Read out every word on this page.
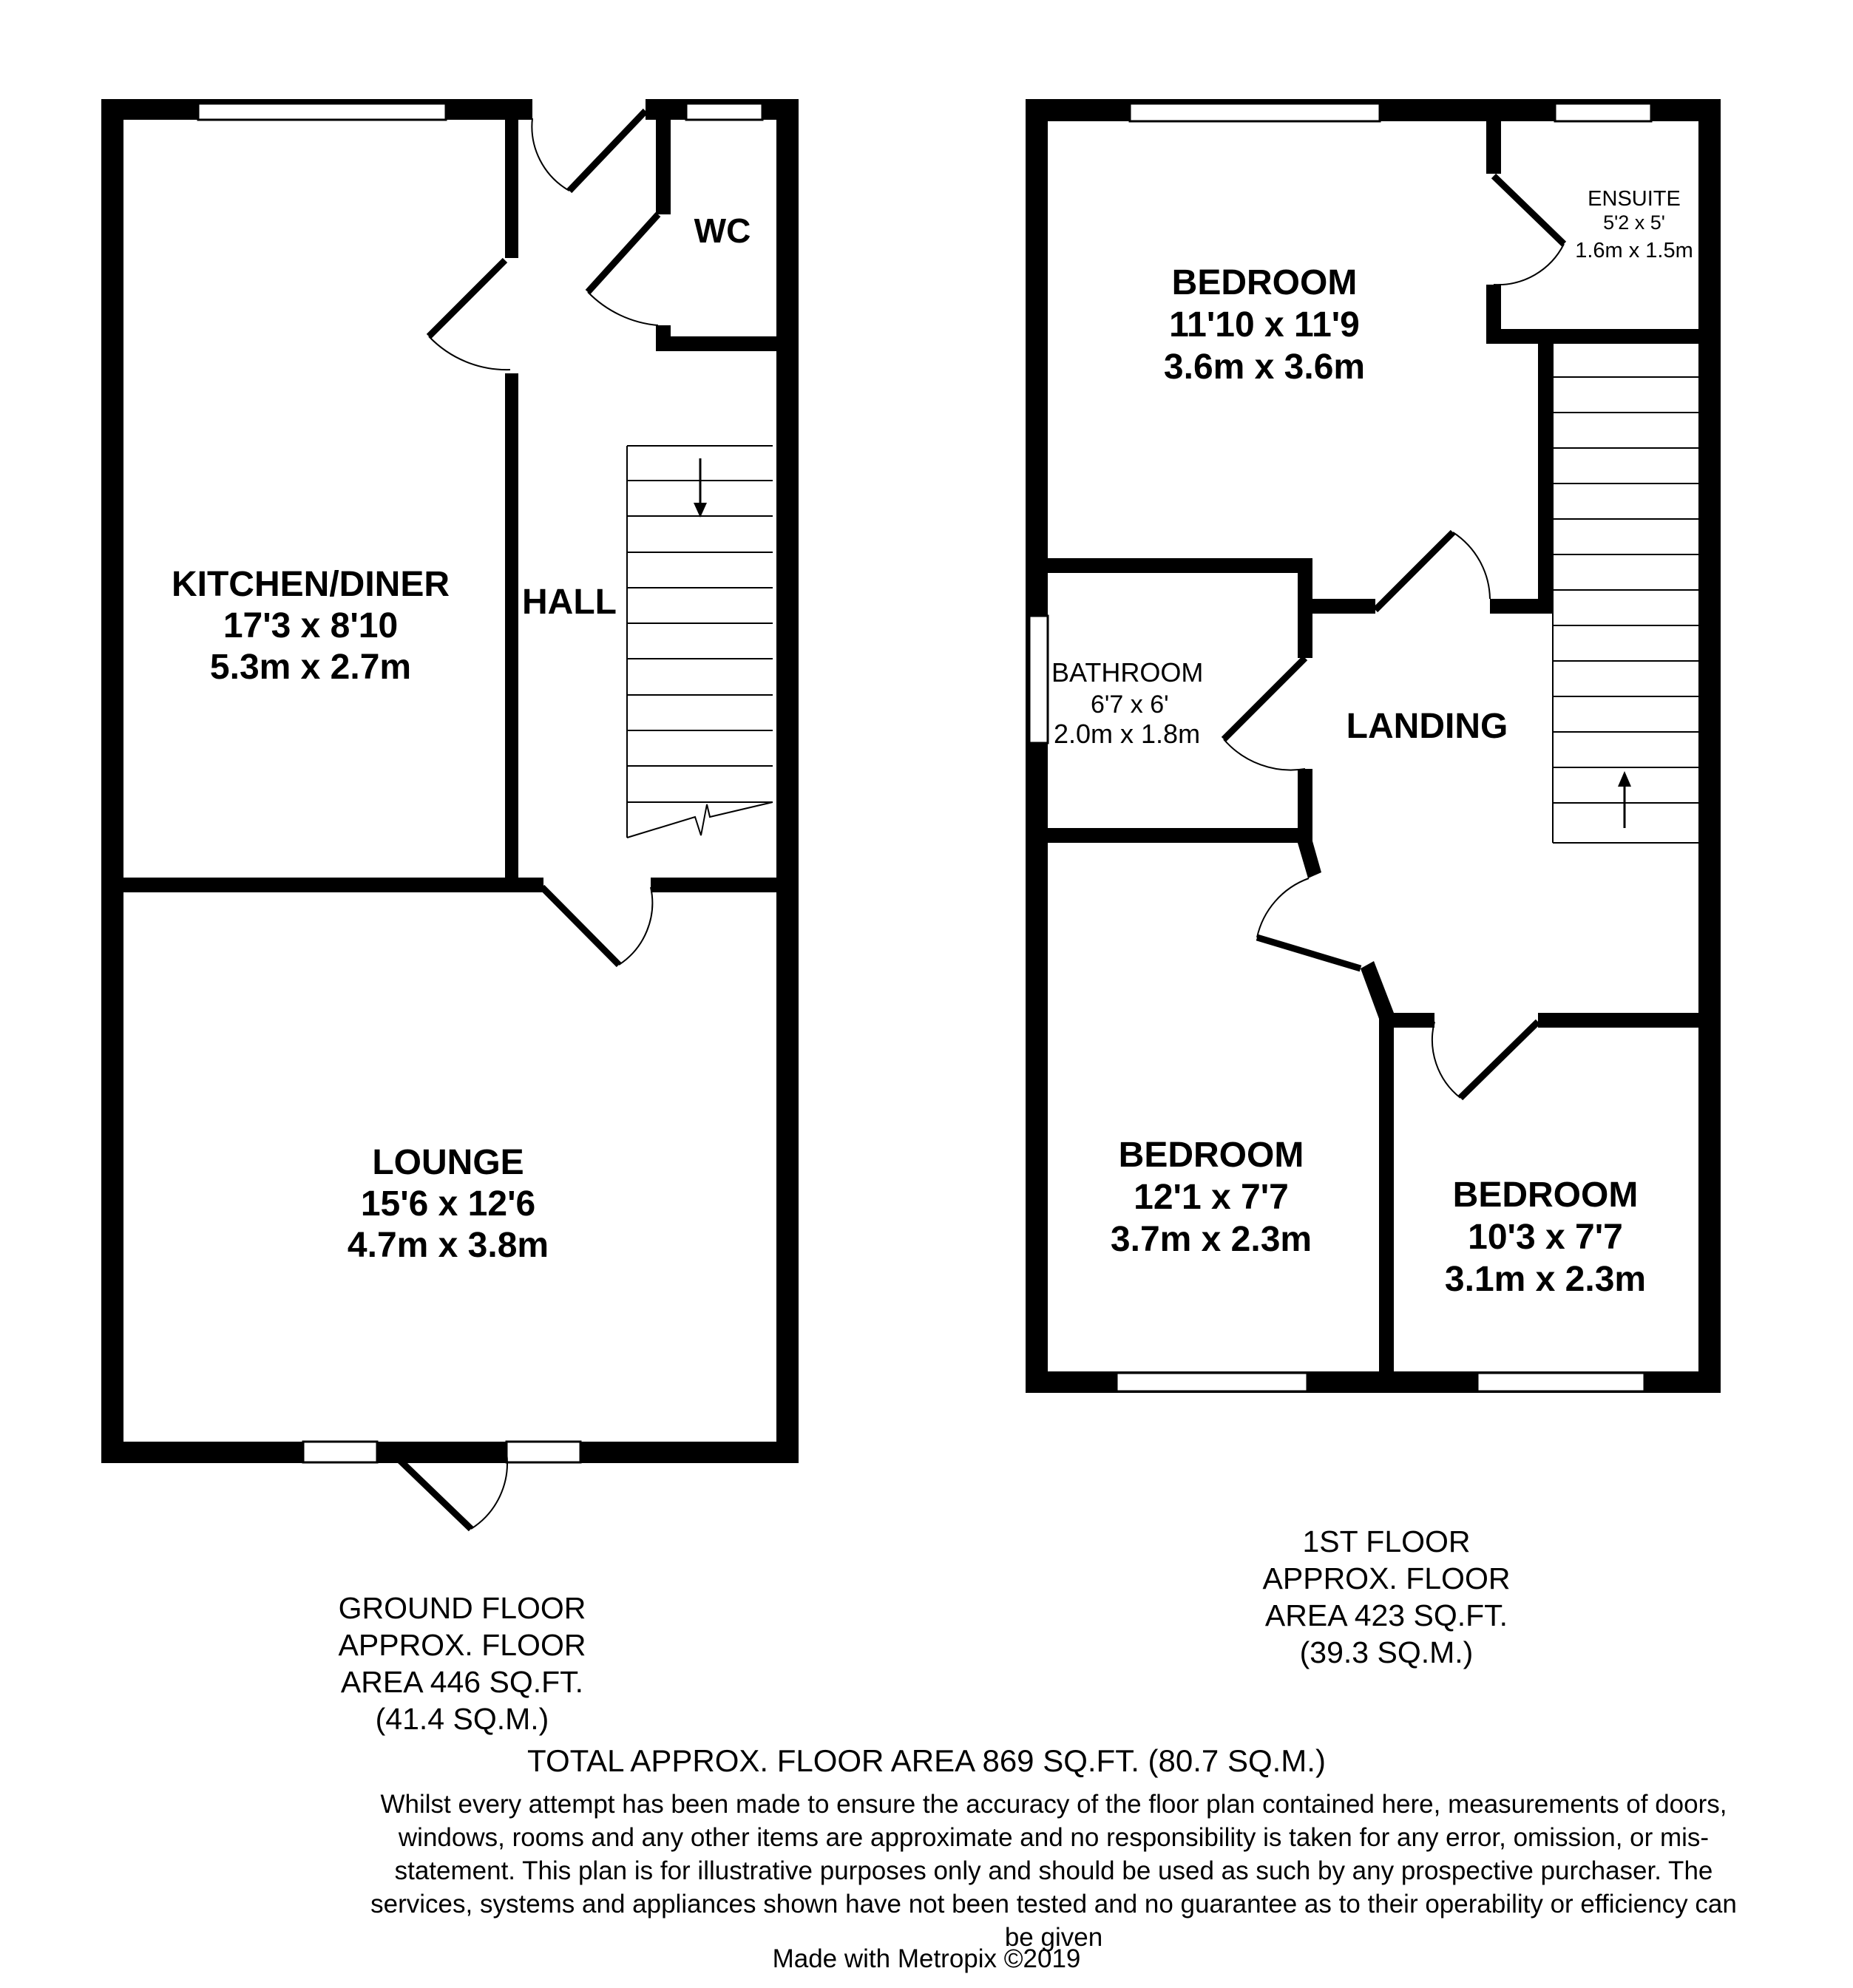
KITCHEN/DINER
17'3 x 8'10
5.3m x 2.7m
HALL
WC
LOUNGE
15'6 x 12'6
4.7m x 3.8m
BEDROOM
11'10 x 11'9
3.6m x 3.6m
ENSUITE
5'2 x 5'
1.6m x 1.5m
BATHROOM
6'7 x 6'
2.0m x 1.8m	LANDING
BEDROOM
12'1 x 7'7
3.7m x 2.3m
BEDROOM
10'3 x 7'7
3.1m x 2.3m
GROUND FLOOR
APPROX. FLOOR
AREA 446 SQ.FT.
(41.4 SQ.M.)
1ST FLOOR
APPROX. FLOOR
AREA 423 SQ.FT.
(39.3 SQ.M.)
TOTAL APPROX. FLOOR AREA 869 SQ.FT. (80.7 SQ.M.)
Whilst every attempt has been made to ensure the accuracy of the floor plan contained here, measurements of doors, windows, rooms and any other items are approximate and no responsibility is taken for any error, omission, or mis-statement. This plan is for illustrative purposes only and should be used as such by any prospective purchaser. The services, systems and appliances shown have not been tested and no guarantee as to their operability or efficiency can be given
Made with Metropix ©2019
